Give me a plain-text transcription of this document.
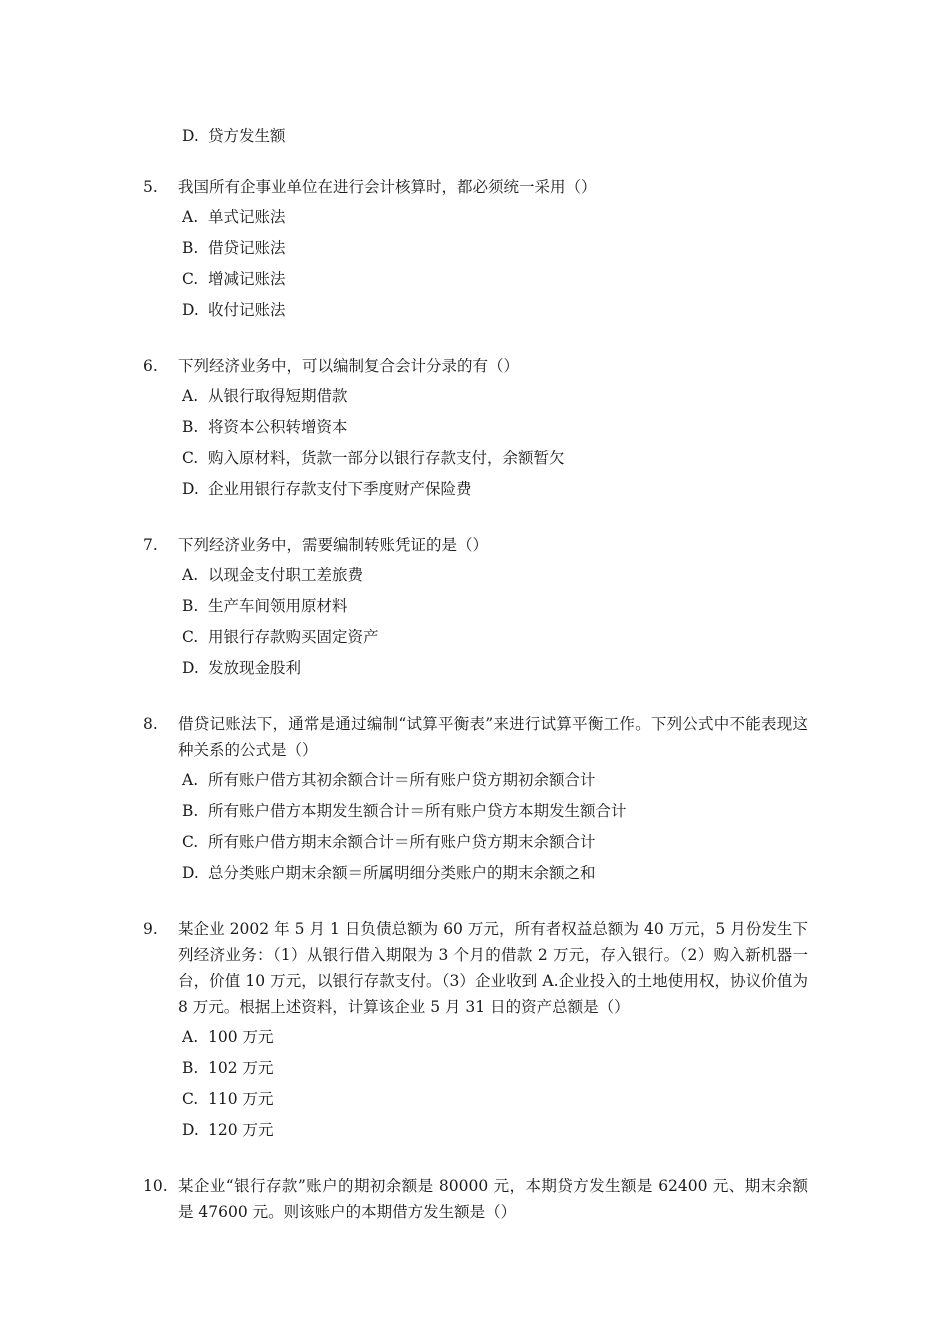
D. 贷方发生额
5.	我国所有企事业单位在进行会计核算时，都必须统一采用（）
A. 单式记账法
B. 借贷记账法
C. 增减记账法
D. 收付记账法
6.	下列经济业务中，可以编制复合会计分录的有（）
A. 从银行取得短期借款
B. 将资本公积转增资本
C. 购入原材料，货款一部分以银行存款支付，余额暂欠
D. 企业用银行存款支付下季度财产保险费
7.	下列经济业务中，需要编制转账凭证的是（）
A. 以现金支付职工差旅费
B. 生产车间领用原材料
C. 用银行存款购买固定资产
D. 发放现金股利
8.	借贷记账法下，通常是通过编制“试算平衡表”来进行试算平衡工作。下列公式中不能表现这种关系的公式是（）
A. 所有账户借方其初余额合计＝所有账户贷方期初余额合计
B. 所有账户借方本期发生额合计＝所有账户贷方本期发生额合计
C. 所有账户借方期末余额合计＝所有账户贷方期末余额合计
D. 总分类账户期末余额＝所属明细分类账户的期末余额之和
9.	某企业 2002 年 5 月 1 日负债总额为 60 万元，所有者权益总额为 40 万元，5 月份发生下列经济业务：（1）从银行借入期限为 3 个月的借款 2 万元，存入银行。（2）购入新机器一台，价值 10 万元，以银行存款支付。（3）企业收到 A.企业投入的土地使用权，协议价值为 8 万元。根据上述资料，计算该企业 5 月 31 日的资产总额是（）
A. 100 万元
B. 102 万元
C. 110 万元
D. 120 万元
10. 某企业“银行存款”账户的期初余额是 80000 元，本期贷方发生额是 62400 元、期末余额是 47600 元。则该账户的本期借方发生额是（）
